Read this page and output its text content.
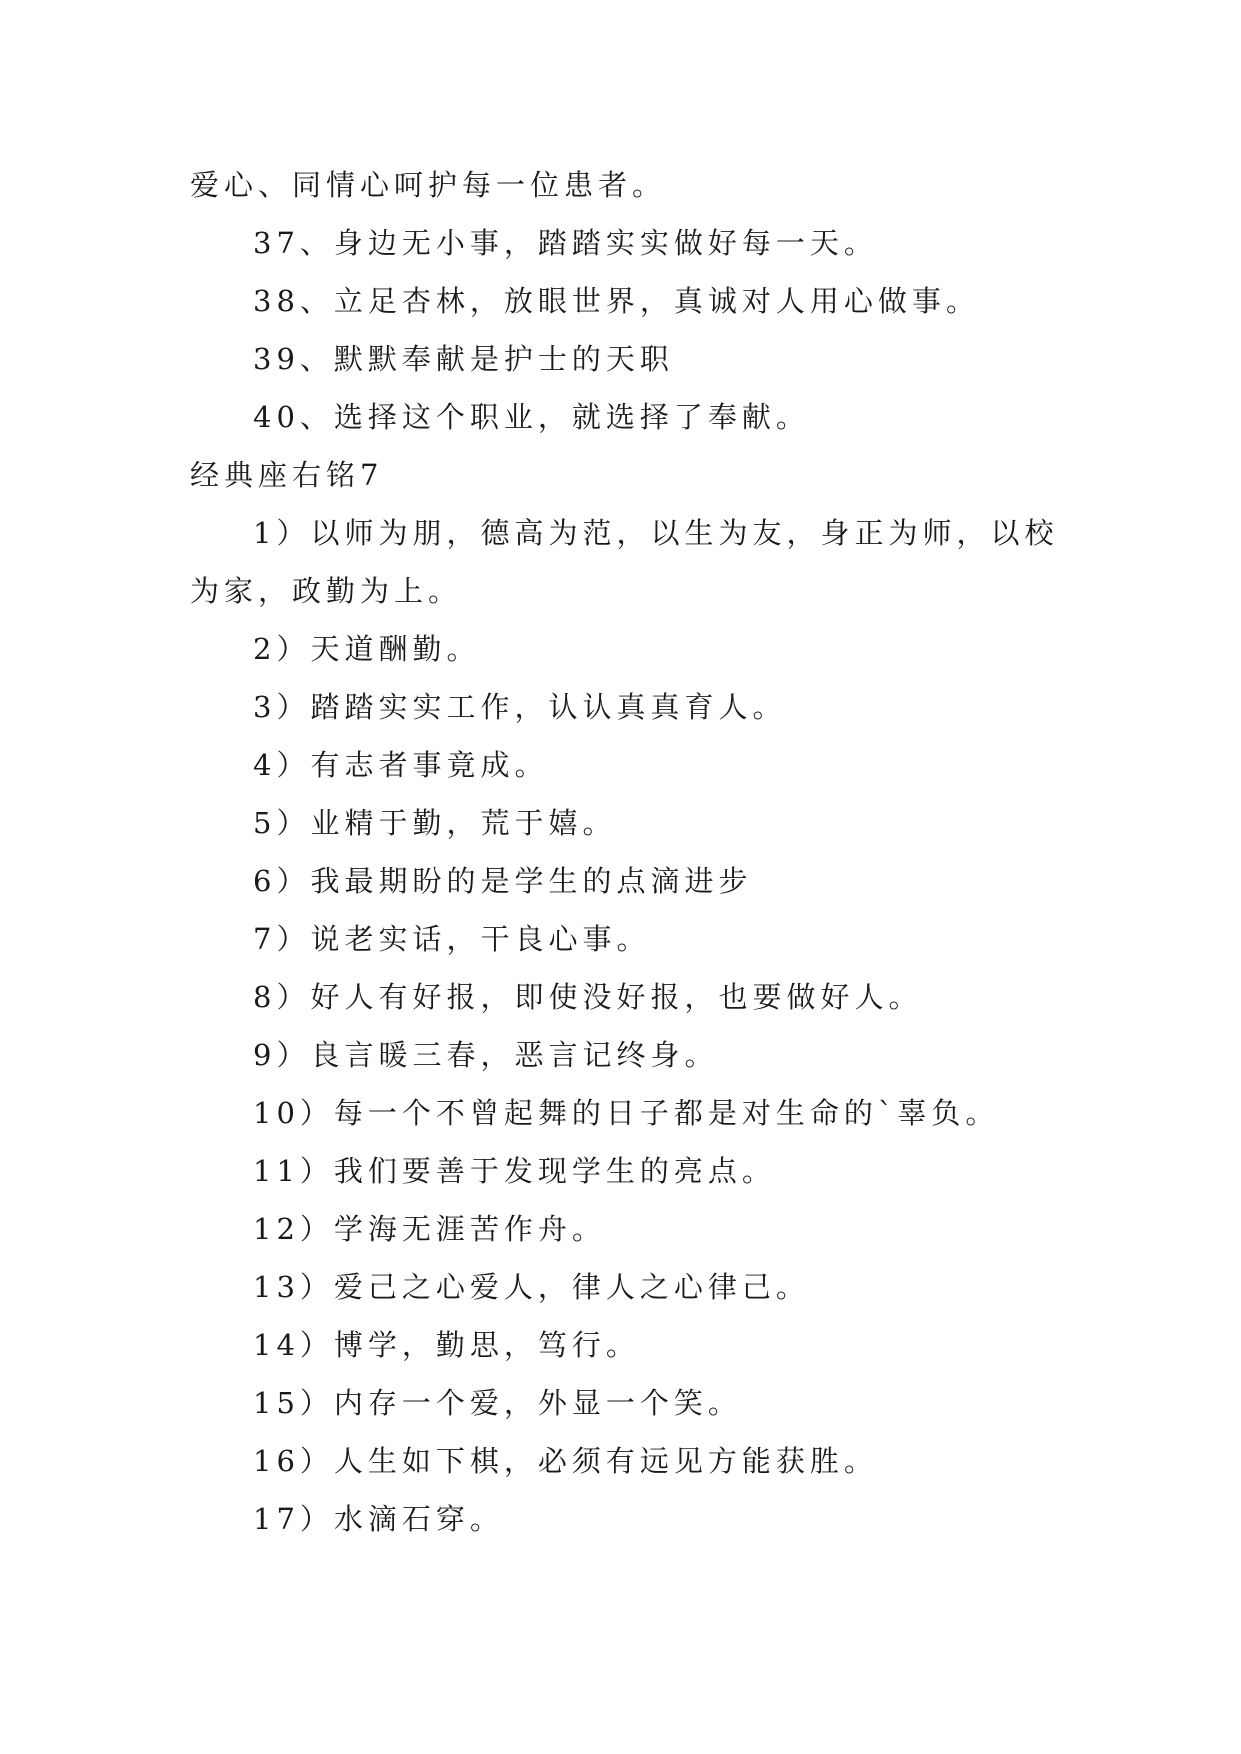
爱心、同情心呵护每一位患者。
37、身边无小事，踏踏实实做好每一天。
38、立足杏林，放眼世界，真诚对人用心做事。
39、默默奉献是护士的天职
40、选择这个职业，就选择了奉献。
经典座右铭7
1）以师为朋，德高为范，以生为友，身正为师，以校
为家，政勤为上。
2）天道酬勤。
3）踏踏实实工作，认认真真育人。
4）有志者事竟成。
5）业精于勤，荒于嬉。
6）我最期盼的是学生的点滴进步
7）说老实话，干良心事。
8）好人有好报，即使没好报，也要做好人。
9）良言暖三春，恶言记终身。
10）每一个不曾起舞的日子都是对生命的`辜负。
11）我们要善于发现学生的亮点。
12）学海无涯苦作舟。
13）爱己之心爱人，律人之心律己。
14）博学，勤思，笃行。
15）内存一个爱，外显一个笑。
16）人生如下棋，必须有远见方能获胜。
17）水滴石穿。
